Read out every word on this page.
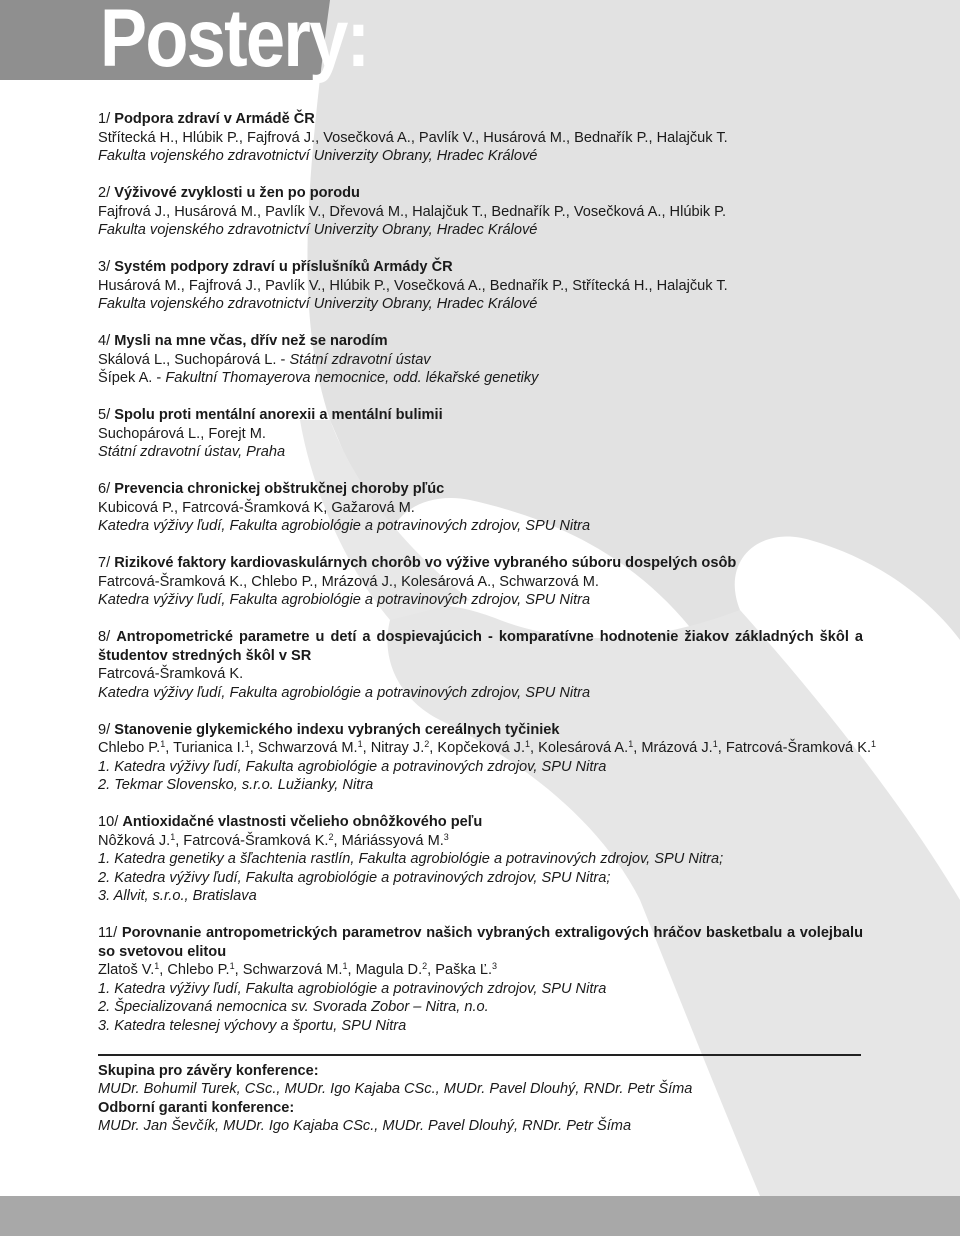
Postery:
1/ Podpora zdraví v Armádě ČR
Střítecká H., Hlúbik P., Fajfrová J., Vosečková A., Pavlík V., Husárová M., Bednařík P., Halajčuk T.
Fakulta vojenského zdravotnictví Univerzity Obrany, Hradec Králové
2/ Výživové zvyklosti u žen po porodu
Fajfrová J., Husárová M., Pavlík V., Dřevová M., Halajčuk T., Bednařík P., Vosečková A., Hlúbik P.
Fakulta vojenského zdravotnictví Univerzity Obrany, Hradec Králové
3/ Systém podpory zdraví u příslušníků Armády ČR
Husárová M., Fajfrová J., Pavlík V., Hlúbik P., Vosečková A., Bednařík P., Střítecká H., Halajčuk T.
Fakulta vojenského zdravotnictví Univerzity Obrany, Hradec Králové
4/ Mysli na mne včas, dřív než se narodím
Skálová L., Suchopárová L. - Státní zdravotní ústav
Šípek A. - Fakultní Thomayerova nemocnice, odd. lékařské genetiky
5/ Spolu proti mentální anorexii a mentální bulimii
Suchopárová L., Forejt M.
Státní zdravotní ústav, Praha
6/ Prevencia chronickej obštrukčnej choroby pľúc
Kubicová P., Fatrcová-Šramková K, Gažarová M.
Katedra výživy ľudí, Fakulta agrobiológie a potravinových zdrojov, SPU Nitra
7/ Rizikové faktory kardiovaskulárnych chorôb vo výžive vybraného súboru dospelých osôb
Fatrcová-Šramková K., Chlebo P., Mrázová J., Kolesárová A., Schwarzová M.
Katedra výživy ľudí, Fakulta agrobiológie a potravinových zdrojov, SPU Nitra
8/ Antropometrické parametre u detí a dospievajúcich - komparatívne hodnotenie žiakov základných škôl a študentov stredných škôl v SR
Fatrcová-Šramková K.
Katedra výživy ľudí, Fakulta agrobiológie a potravinových zdrojov, SPU Nitra
9/ Stanovenie glykemického indexu vybraných cereálnych tyčiniek
Chlebo P.$^1$, Turianica I.$^1$, Schwarzová M.$^1$, Nitray J.$^2$, Kopčeková J.$^1$, Kolesárová A.$^1$, Mrázová J.$^1$, Fatrcová-Šramková K.$^1$
1. Katedra výživy ľudí, Fakulta agrobiológie a potravinových zdrojov, SPU Nitra
2. Tekmar Slovensko, s.r.o. Lužianky, Nitra
10/ Antioxidačné vlastnosti včelieho obnôžkového peľu
Nôžková J.$^1$, Fatrcová-Šramková K.$^2$, Máriássyová M.$^3$
1. Katedra genetiky a šľachtenia rastlín, Fakulta agrobiológie a potravinových zdrojov, SPU Nitra;
2. Katedra výživy ľudí, Fakulta agrobiológie a potravinových zdrojov, SPU Nitra;
3. Allvit, s.r.o., Bratislava
11/ Porovnanie antropometrických parametrov našich vybraných extraligových hráčov basketbalu a volejbalu so svetovou elitou
Zlatoš V.$^1$, Chlebo P.$^1$, Schwarzová M.$^1$, Magula D.$^2$, Paška Ľ.$^3$
1. Katedra výživy ľudí, Fakulta agrobiológie a potravinových zdrojov, SPU Nitra
2. Špecializovaná nemocnica sv. Svorada Zobor – Nitra, n.o.
3. Katedra telesnej výchovy a športu, SPU Nitra
Skupina pro závěry konference:
MUDr. Bohumil Turek, CSc., MUDr. Igo Kajaba CSc., MUDr. Pavel Dlouhý, RNDr. Petr Šíma
Odborní garanti konference:
MUDr. Jan Ševčík, MUDr. Igo Kajaba CSc., MUDr. Pavel Dlouhý, RNDr. Petr Šíma
